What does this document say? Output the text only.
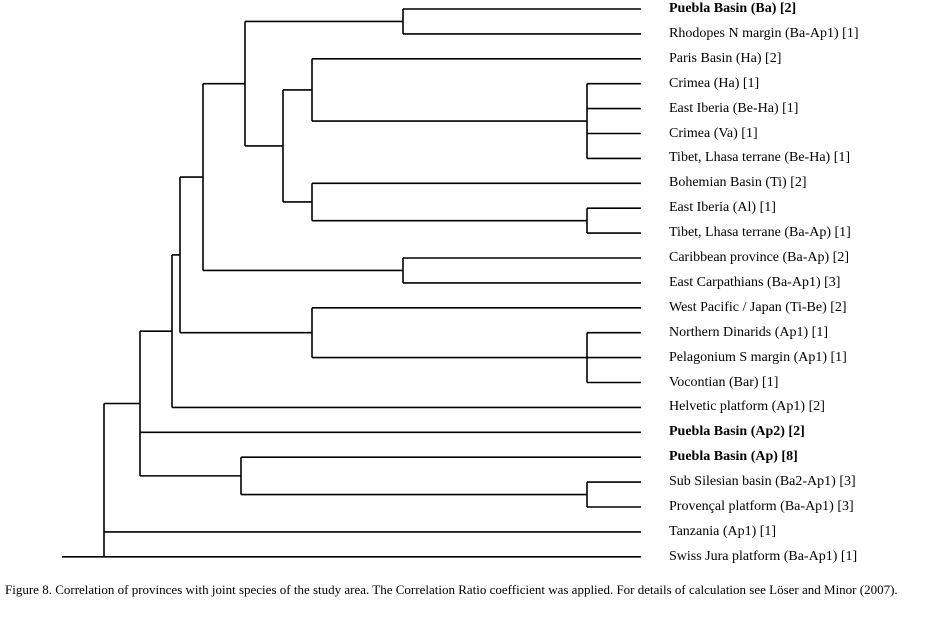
Puebla Basin (Ba) [2]
Rhodopes N margin (Ba-Ap1) [1]
Paris Basin (Ha) [2]
Crimea (Ha) [1]
East Iberia (Be-Ha) [1]
Crimea (Va) [1]
Tibet, Lhasa terrane (Be-Ha) [1]
Bohemian Basin (Ti) [2]
East Iberia (Al) [1]
Tibet, Lhasa terrane (Ba-Ap) [1]
Caribbean province (Ba-Ap) [2]
East Carpathians (Ba-Ap1) [3]
West Pacific / Japan (Ti-Be) [2]
Northern Dinarids (Ap1) [1]
Pelagonium S margin (Ap1) [1]
Vocontian (Bar) [1]
Helvetic platform (Ap1) [2]
Puebla Basin (Ap2) [2]
Puebla Basin (Ap) [8]
Sub Silesian basin (Ba2-Ap1) [3]
Provençal platform (Ba-Ap1) [3]
Tanzania (Ap1) [1]
Swiss Jura platform (Ba-Ap1) [1]
Figure 8. Correlation of provinces with joint species of the study area. The Correlation Ratio coefficient was applied. For details of calculation see Löser and Minor (2007).
